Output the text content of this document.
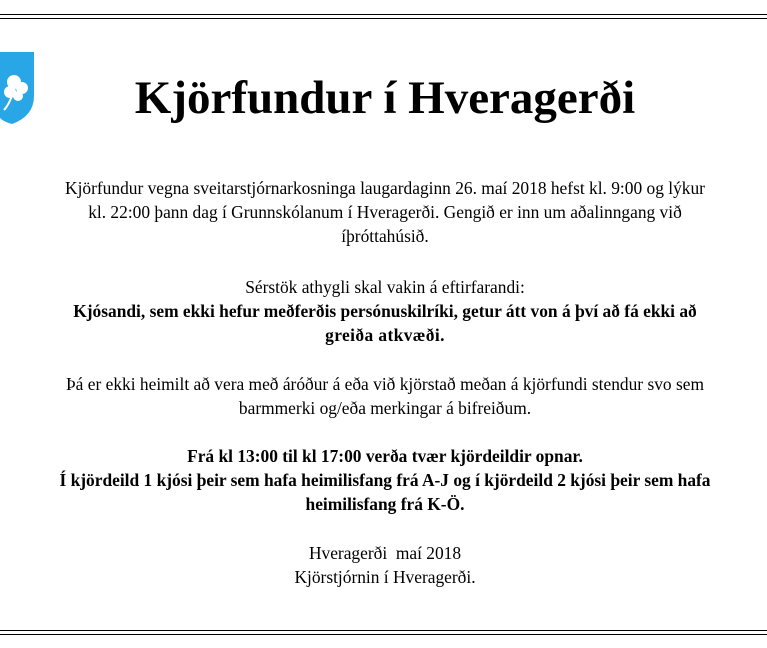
Kjörfundur í Hveragerði
Kjörfundur vegna sveitarstjórnarkosninga laugardaginn 26. maí 2018 hefst kl. 9:00 og lýkur
kl. 22:00 þann dag í Grunnskólanum í Hveragerði. Gengið er inn um aðalinngang við
íþróttahúsið.
Sérstök athygli skal vakin á eftirfarandi:
Kjósandi, sem ekki hefur meðferðis persónuskilríki, getur átt von á því að fá ekki að
greiða atkvæði.
Þá er ekki heimilt að vera með áróður á eða við kjörstað meðan á kjörfundi stendur svo sem
barmmerki og/eða merkingar á bifreiðum.
Frá kl 13:00 til kl 17:00 verða tvær kjördeildir opnar.
Í kjördeild 1 kjósi þeir sem hafa heimilisfang frá A-J og í kjördeild 2 kjósi þeir sem hafa
heimilisfang frá K-Ö.
Hveragerði  maí 2018
Kjörstjórnin í Hveragerði.
